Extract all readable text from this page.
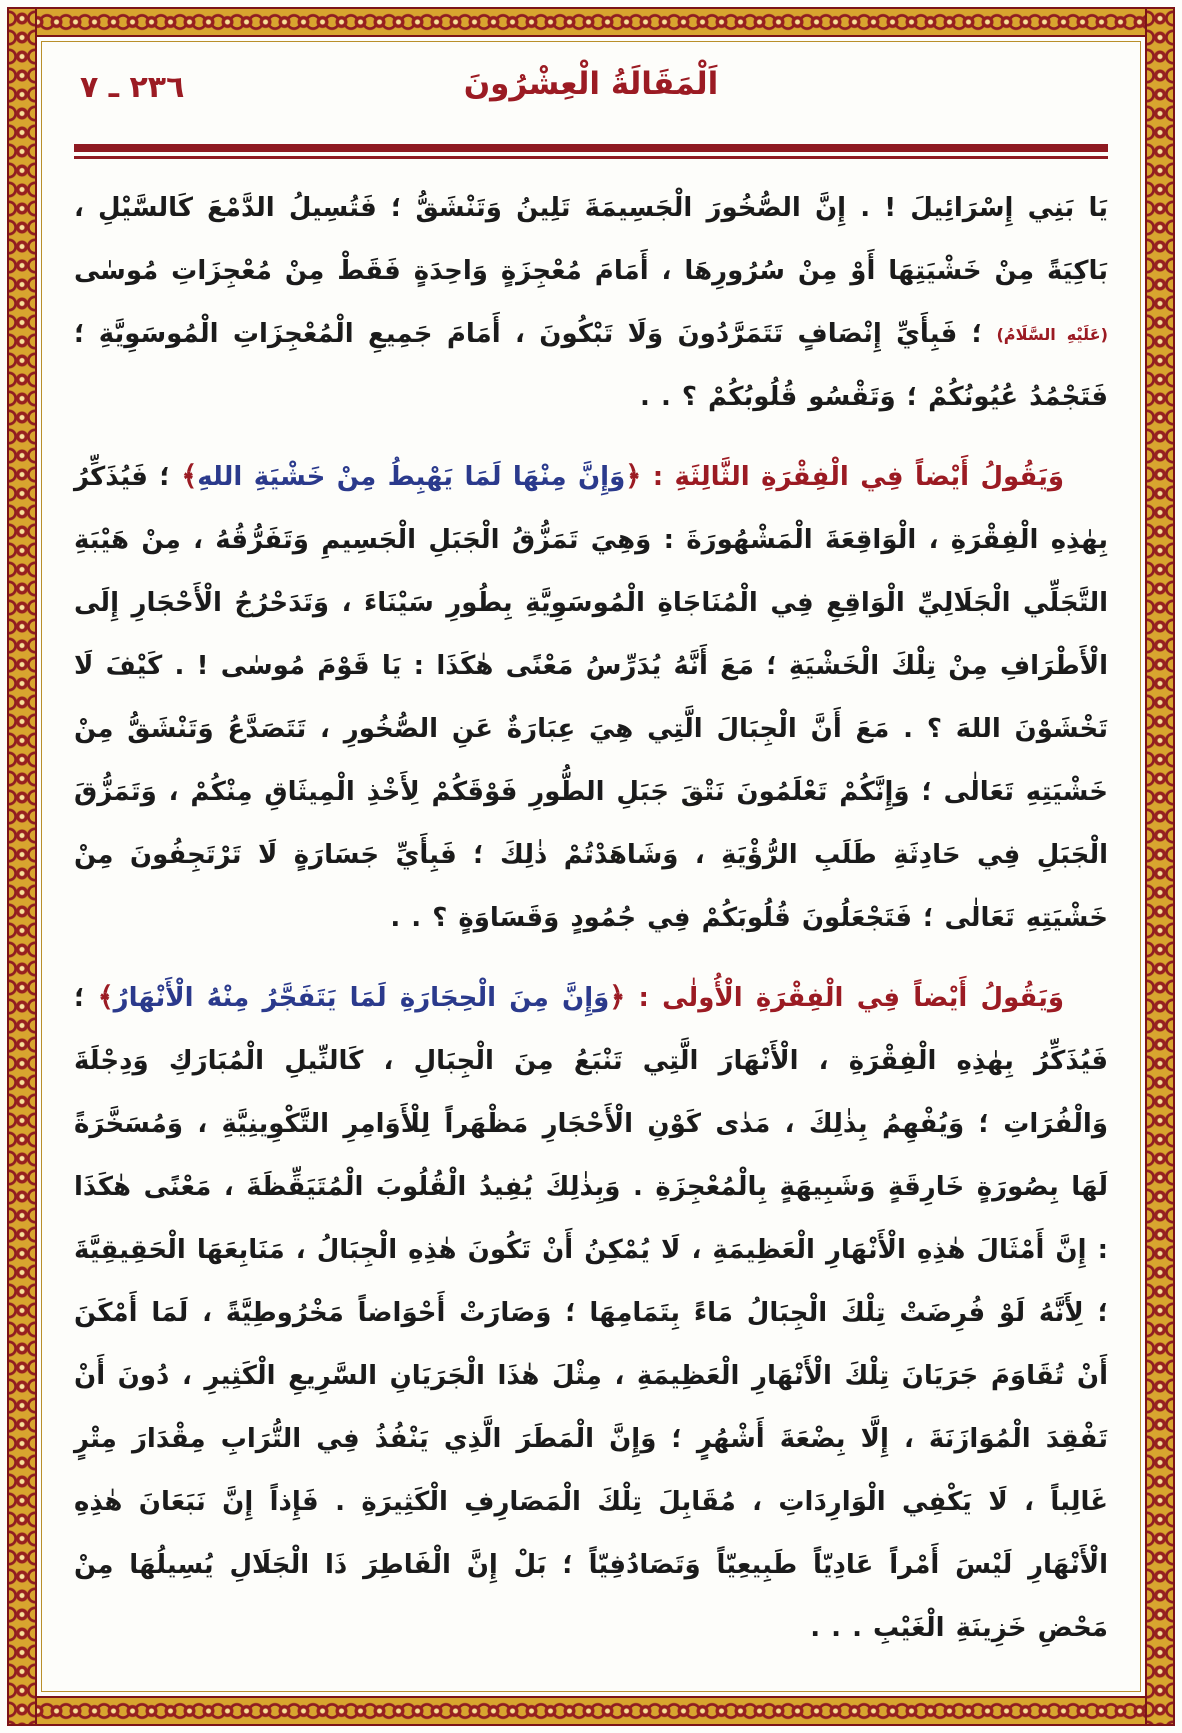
٢٣٦ ـ ٧	اَلْمَقَالَةُ الْعِشْرُونَ

يَا بَنِي إِسْرَائِيلَ ! . إِنَّ الصُّخُورَ الْجَسِيمَةَ تَلِينُ وَتَنْشَقُّ ؛ فَتُسِيلُ الدَّمْعَ كَالسَّيْلِ ، بَاكِيَةً مِنْ خَشْيَتِهَا أَوْ مِنْ سُرُورِهَا ، أَمَامَ مُعْجِزَةٍ وَاحِدَةٍ فَقَطْ مِنْ مُعْجِزَاتِ مُوسٰى (عَلَيْهِ السَّلَامُ) ؛ فَبِأَيِّ إِنْصَافٍ تَتَمَرَّدُونَ وَلَا تَبْكُونَ ، أَمَامَ جَمِيعِ الْمُعْجِزَاتِ الْمُوسَوِيَّةِ ؛ فَتَجْمُدُ عُيُونُكُمْ ؛ وَتَقْسُو قُلُوبُكُمْ ؟ . .

وَيَقُولُ أَيْضاً فِي الْفِقْرَةِ الثَّالِثَةِ : ﴿وَإِنَّ مِنْهَا لَمَا يَهْبِطُ مِنْ خَشْيَةِ اللهِ﴾ ؛ فَيُذَكِّرُ بِهٰذِهِ الْفِقْرَةِ ، الْوَاقِعَةَ الْمَشْهُورَةَ : وَهِيَ تَمَزُّقُ الْجَبَلِ الْجَسِيمِ وَتَفَرُّقُهُ ، مِنْ هَيْبَةِ التَّجَلِّي الْجَلَالِيِّ الْوَاقِعِ فِي الْمُنَاجَاةِ الْمُوسَوِيَّةِ بِطُورِ سَيْنَاءَ ، وَتَدَحْرُجُ الْأَحْجَارِ إِلَى الْأَطْرَافِ مِنْ تِلْكَ الْخَشْيَةِ ؛ مَعَ أَنَّهُ يُدَرِّسُ مَعْنًى هٰكَذَا : يَا قَوْمَ مُوسٰى ! . كَيْفَ لَا تَخْشَوْنَ اللهَ ؟ . مَعَ أَنَّ الْجِبَالَ الَّتِي هِيَ عِبَارَةٌ عَنِ الصُّخُورِ ، تَتَصَدَّعُ وَتَنْشَقُّ مِنْ خَشْيَتِهِ تَعَالٰى ؛ وَإِنَّكُمْ تَعْلَمُونَ نَتْقَ جَبَلِ الطُّورِ فَوْقَكُمْ لِأَخْذِ الْمِيثَاقِ مِنْكُمْ ، وَتَمَزُّقَ الْجَبَلِ فِي حَادِثَةِ طَلَبِ الرُّؤْيَةِ ، وَشَاهَدْتُمْ ذٰلِكَ ؛ فَبِأَيِّ جَسَارَةٍ لَا تَرْتَجِفُونَ مِنْ خَشْيَتِهِ تَعَالٰى ؛ فَتَجْعَلُونَ قُلُوبَكُمْ فِي جُمُودٍ وَقَسَاوَةٍ ؟ . .

وَيَقُولُ أَيْضاً فِي الْفِقْرَةِ الْأُولٰى : ﴿وَإِنَّ مِنَ الْحِجَارَةِ لَمَا يَتَفَجَّرُ مِنْهُ الْأَنْهَارُ﴾ ؛ فَيُذَكِّرُ بِهٰذِهِ الْفِقْرَةِ ، الْأَنْهَارَ الَّتِي تَنْبَعُ مِنَ الْجِبَالِ ، كَالنِّيلِ الْمُبَارَكِ وَدِجْلَةَ وَالْفُرَاتِ ؛ وَيُفْهِمُ بِذٰلِكَ ، مَدٰى كَوْنِ الْأَحْجَارِ مَظْهَراً لِلْأَوَامِرِ التَّكْوِينِيَّةِ ، وَمُسَخَّرَةً لَهَا بِصُورَةٍ خَارِقَةٍ وَشَبِيهَةٍ بِالْمُعْجِزَةِ . وَبِذٰلِكَ يُفِيدُ الْقُلُوبَ الْمُتَيَقِّظَةَ ، مَعْنًى هٰكَذَا : إِنَّ أَمْثَالَ هٰذِهِ الْأَنْهَارِ الْعَظِيمَةِ ، لَا يُمْكِنُ أَنْ تَكُونَ هٰذِهِ الْجِبَالُ ، مَنَابِعَهَا الْحَقِيقِيَّةَ ؛ لِأَنَّهُ لَوْ فُرِضَتْ تِلْكَ الْجِبَالُ مَاءً بِتَمَامِهَا ؛ وَصَارَتْ أَحْوَاضاً مَخْرُوطِيَّةً ، لَمَا أَمْكَنَ أَنْ تُقَاوَمَ جَرَيَانَ تِلْكَ الْأَنْهَارِ الْعَظِيمَةِ ، مِثْلَ هٰذَا الْجَرَيَانِ السَّرِيعِ الْكَثِيرِ ، دُونَ أَنْ تَفْقِدَ الْمُوَازَنَةَ ، إِلَّا بِضْعَةَ أَشْهُرٍ ؛ وَإِنَّ الْمَطَرَ الَّذِي يَنْفُذُ فِي التُّرَابِ مِقْدَارَ مِتْرٍ غَالِباً ، لَا يَكْفِي الْوَارِدَاتِ ، مُقَابِلَ تِلْكَ الْمَصَارِفِ الْكَثِيرَةِ . فَإِذاً إِنَّ نَبَعَانَ هٰذِهِ الْأَنْهَارِ لَيْسَ أَمْراً عَادِيّاً طَبِيعِيّاً وَتَصَادُفِيّاً ؛ بَلْ إِنَّ الْفَاطِرَ ذَا الْجَلَالِ يُسِيلُهَا مِنْ مَحْضِ خَزِينَةِ الْغَيْبِ . . .
